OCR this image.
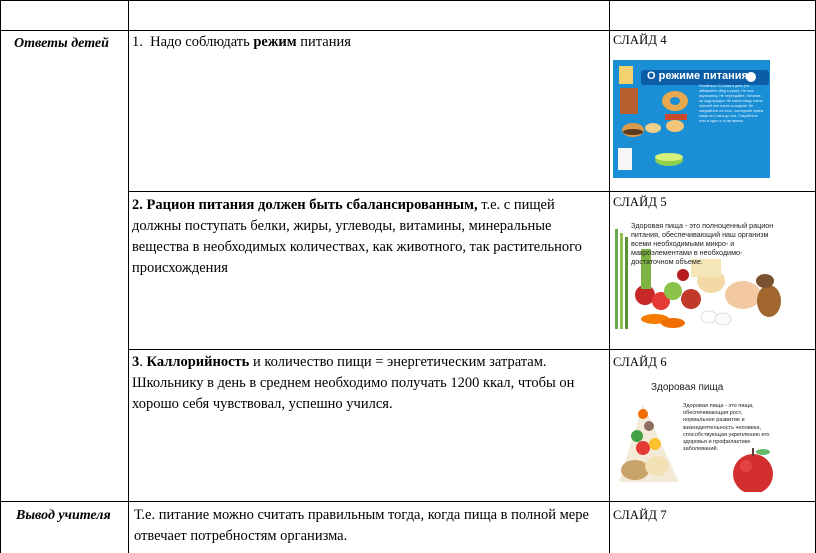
Ответы детей
Вывод учителя
1. Надо соблюдать режим питания	СЛАЙД 4
О режиме питания
Питайтесь 3-4 раза в день (не забывайте обед и ужин). Не ешь всухомятку. Не переедайте. Питание на ходу вредно. Не ешьте пищу очень горячей или очень холодной. Не наедайтесь на ночь, последний прием пищи за 2 часа до сна. Старайтесь есть в одно и то же время.
2. Рацион питания должен быть сбалансированным, т.е. с пищей должны поступать белки, жиры, углеводы, витамины, минеральные вещества в необходимых количествах, как животного, так растительного происхождения
СЛАЙД 5
Здоровая пища - это полноценный рацион питания, обеспечивающий наш организм всеми необходимыми микро- и макроэлементами в необходимо-достаточном объеме.
3. Каллорийность и количество пищи = энергетическим затратам. Школьнику в день в среднем необходимо получать 1200 ккал, чтобы он хорошо себя чувствовал, успешно учился.
СЛАЙД 6
Здоровая пища
Здоровая пища - это пища, обеспечивающая рост, нормальное развитие и жизнедеятельность человека, способствующая укреплению его здоровья и профилактике заболеваний.
Т.е. питание можно считать правильным тогда, когда пища в полной мере отвечает потребностям организма.
СЛАЙД 7
